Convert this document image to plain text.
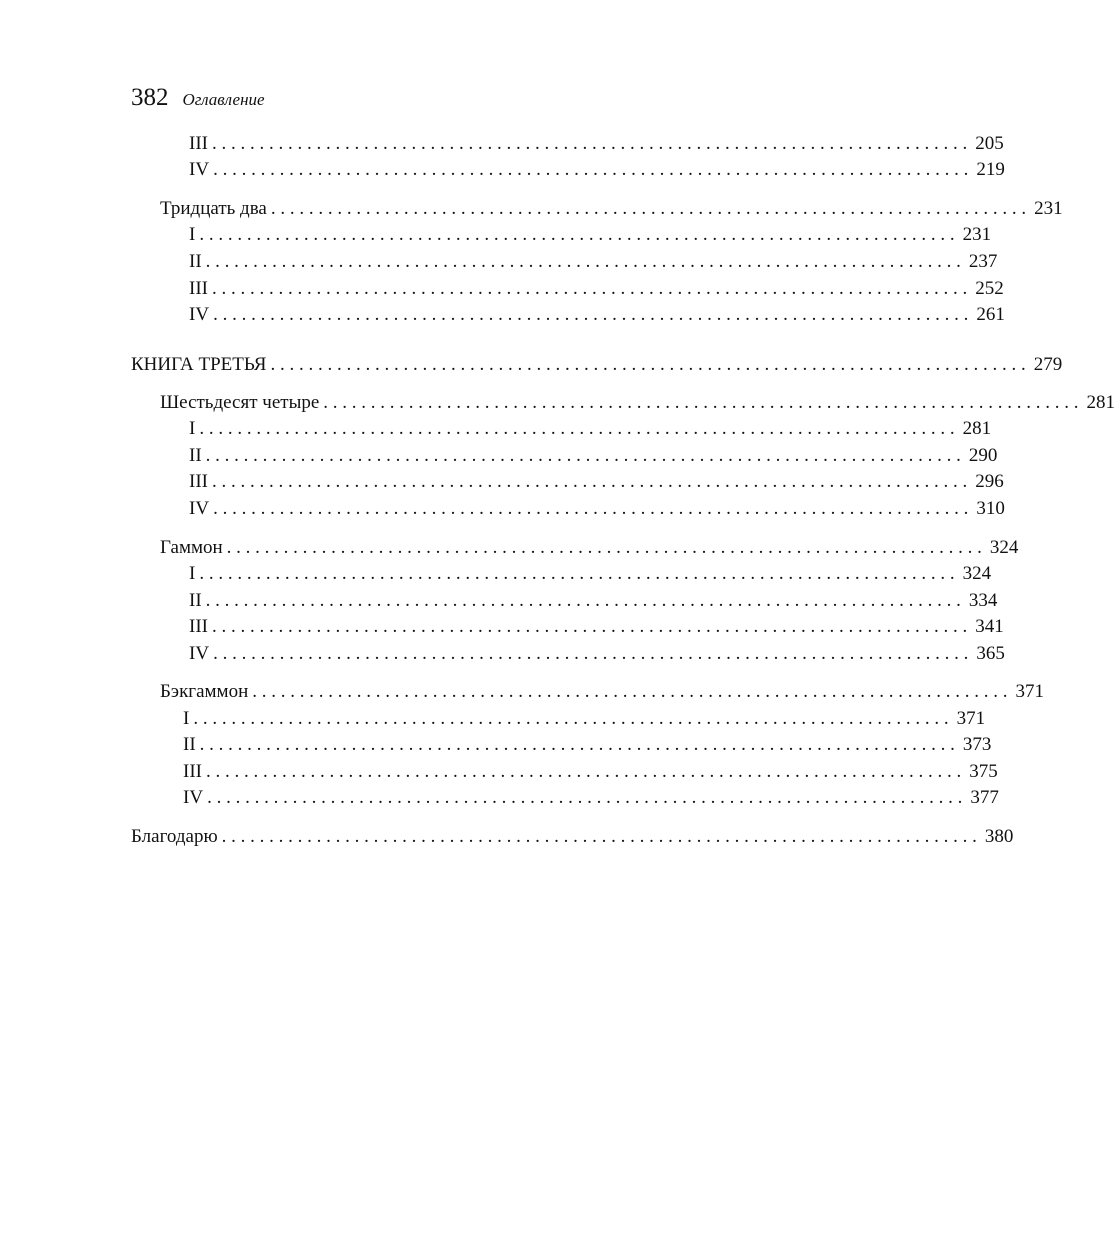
382 Оглавление
III . . . . . . . . . . . . . . . . . . . . . . . . . . . . . . . . . . . . . . . . . . . . . . . . . . . . . . . . . . . . . . . . . . . . . . . . . . . . . . . . 205
IV . . . . . . . . . . . . . . . . . . . . . . . . . . . . . . . . . . . . . . . . . . . . . . . . . . . . . . . . . . . . . . . . . . . . . . . . . . . . . . . . 219
Тридцать два . . . . . . . . . . . . . . . . . . . . . . . . . . . . . . . . . . . . . . . . . . . . . . . . . . . . . . . . . . . . . . . . . . . . . . . . . . . . . . . . 231
I . . . . . . . . . . . . . . . . . . . . . . . . . . . . . . . . . . . . . . . . . . . . . . . . . . . . . . . . . . . . . . . . . . . . . . . . . . . . . . . . 231
II . . . . . . . . . . . . . . . . . . . . . . . . . . . . . . . . . . . . . . . . . . . . . . . . . . . . . . . . . . . . . . . . . . . . . . . . . . . . . . . . 237
III . . . . . . . . . . . . . . . . . . . . . . . . . . . . . . . . . . . . . . . . . . . . . . . . . . . . . . . . . . . . . . . . . . . . . . . . . . . . . . . . 252
IV . . . . . . . . . . . . . . . . . . . . . . . . . . . . . . . . . . . . . . . . . . . . . . . . . . . . . . . . . . . . . . . . . . . . . . . . . . . . . . . . 261
КНИГА ТРЕТЬЯ . . . . . . . . . . . . . . . . . . . . . . . . . . . . . . . . . . . . . . . . . . . . . . . . . . . . . . . . . . . . . . . . . . . . . . . . . . . . . . . . 279
Шестьдесят четыре . . . . . . . . . . . . . . . . . . . . . . . . . . . . . . . . . . . . . . . . . . . . . . . . . . . . . . . . . . . . . . . . . . . . . . . . . . . . . . . . 281
I . . . . . . . . . . . . . . . . . . . . . . . . . . . . . . . . . . . . . . . . . . . . . . . . . . . . . . . . . . . . . . . . . . . . . . . . . . . . . . . . 281
II . . . . . . . . . . . . . . . . . . . . . . . . . . . . . . . . . . . . . . . . . . . . . . . . . . . . . . . . . . . . . . . . . . . . . . . . . . . . . . . . 290
III . . . . . . . . . . . . . . . . . . . . . . . . . . . . . . . . . . . . . . . . . . . . . . . . . . . . . . . . . . . . . . . . . . . . . . . . . . . . . . . . 296
IV . . . . . . . . . . . . . . . . . . . . . . . . . . . . . . . . . . . . . . . . . . . . . . . . . . . . . . . . . . . . . . . . . . . . . . . . . . . . . . . . 310
Гаммон . . . . . . . . . . . . . . . . . . . . . . . . . . . . . . . . . . . . . . . . . . . . . . . . . . . . . . . . . . . . . . . . . . . . . . . . . . . . . . . . 324
I . . . . . . . . . . . . . . . . . . . . . . . . . . . . . . . . . . . . . . . . . . . . . . . . . . . . . . . . . . . . . . . . . . . . . . . . . . . . . . . . 324
II . . . . . . . . . . . . . . . . . . . . . . . . . . . . . . . . . . . . . . . . . . . . . . . . . . . . . . . . . . . . . . . . . . . . . . . . . . . . . . . . 334
III . . . . . . . . . . . . . . . . . . . . . . . . . . . . . . . . . . . . . . . . . . . . . . . . . . . . . . . . . . . . . . . . . . . . . . . . . . . . . . . . 341
IV . . . . . . . . . . . . . . . . . . . . . . . . . . . . . . . . . . . . . . . . . . . . . . . . . . . . . . . . . . . . . . . . . . . . . . . . . . . . . . . . 365
Бэкгаммон . . . . . . . . . . . . . . . . . . . . . . . . . . . . . . . . . . . . . . . . . . . . . . . . . . . . . . . . . . . . . . . . . . . . . . . . . . . . . . . . 371
I . . . . . . . . . . . . . . . . . . . . . . . . . . . . . . . . . . . . . . . . . . . . . . . . . . . . . . . . . . . . . . . . . . . . . . . . . . . . . . . . 371
II . . . . . . . . . . . . . . . . . . . . . . . . . . . . . . . . . . . . . . . . . . . . . . . . . . . . . . . . . . . . . . . . . . . . . . . . . . . . . . . . 373
III . . . . . . . . . . . . . . . . . . . . . . . . . . . . . . . . . . . . . . . . . . . . . . . . . . . . . . . . . . . . . . . . . . . . . . . . . . . . . . . . 375
IV . . . . . . . . . . . . . . . . . . . . . . . . . . . . . . . . . . . . . . . . . . . . . . . . . . . . . . . . . . . . . . . . . . . . . . . . . . . . . . . . 377
Благодарю . . . . . . . . . . . . . . . . . . . . . . . . . . . . . . . . . . . . . . . . . . . . . . . . . . . . . . . . . . . . . . . . . . . . . . . . . . . . . . . . 380
